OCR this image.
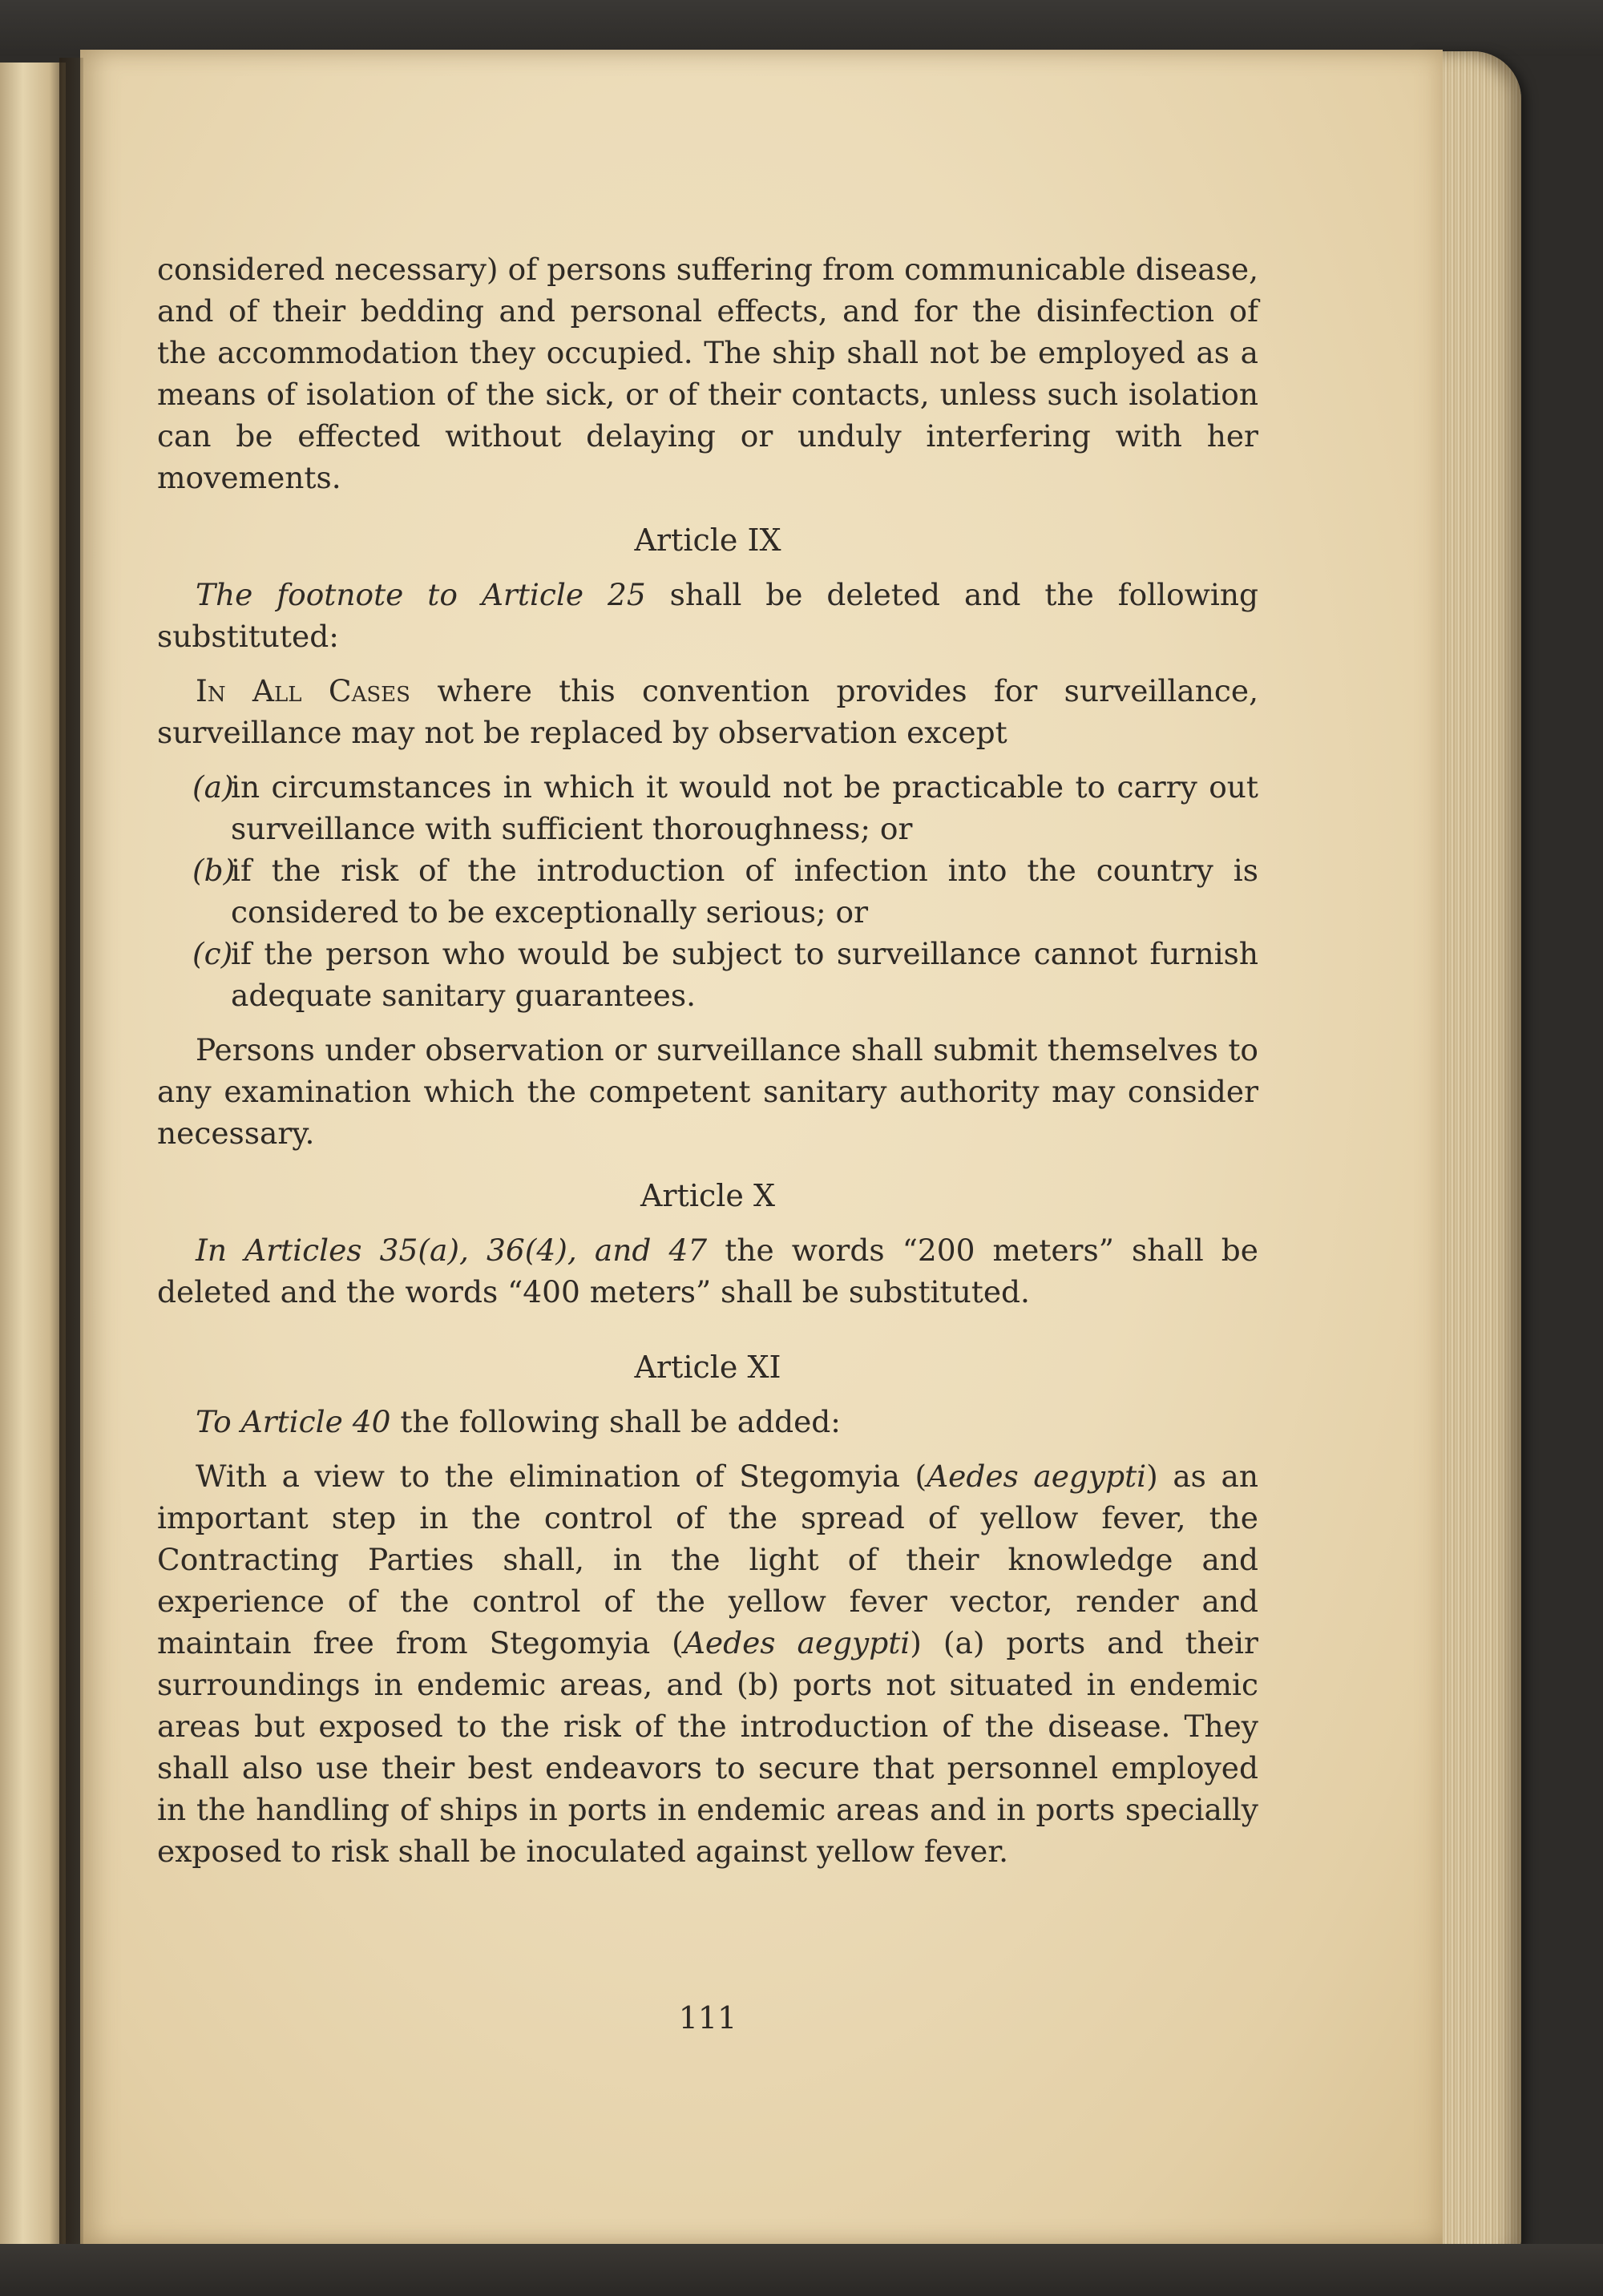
considered necessary) of persons suffering from communicable disease, and of their bedding and personal effects, and for the disinfection of the accommodation they occupied. The ship shall not be employed as a means of isolation of the sick, or of their contacts, unless such isolation can be effected without delaying or unduly interfering with her movements.

Article IX

The footnote to Article 25 shall be deleted and the following substituted:

In All Cases where this convention provides for surveillance, surveillance may not be replaced by observation except

(a)
in circumstances in which it would not be practicable to carry out surveillance with sufficient thoroughness; or
(b)
if the risk of the introduction of infection into the country is considered to be exceptionally serious; or
(c)
if the person who would be subject to surveillance cannot furnish adequate sanitary guarantees.

Persons under observation or surveillance shall submit themselves to any examination which the competent sanitary authority may consider necessary.

Article X

In Articles 35(a), 36(4), and 47 the words “200 meters” shall be deleted and the words “400 meters” shall be substituted.

Article XI

To Article 40 the following shall be added:

With a view to the elimination of Stegomyia (Aedes aegypti) as an important step in the control of the spread of yellow fever, the Contracting Parties shall, in the light of their knowledge and experience of the control of the yellow fever vector, render and maintain free from Stegomyia (Aedes aegypti) (a) ports and their surroundings in endemic areas, and (b) ports not situated in endemic areas but exposed to the risk of the introduction of the disease. They shall also use their best endeavors to secure that personnel employed in the handling of ships in ports in endemic areas and in ports specially exposed to risk shall be inoculated against yellow fever.

111
